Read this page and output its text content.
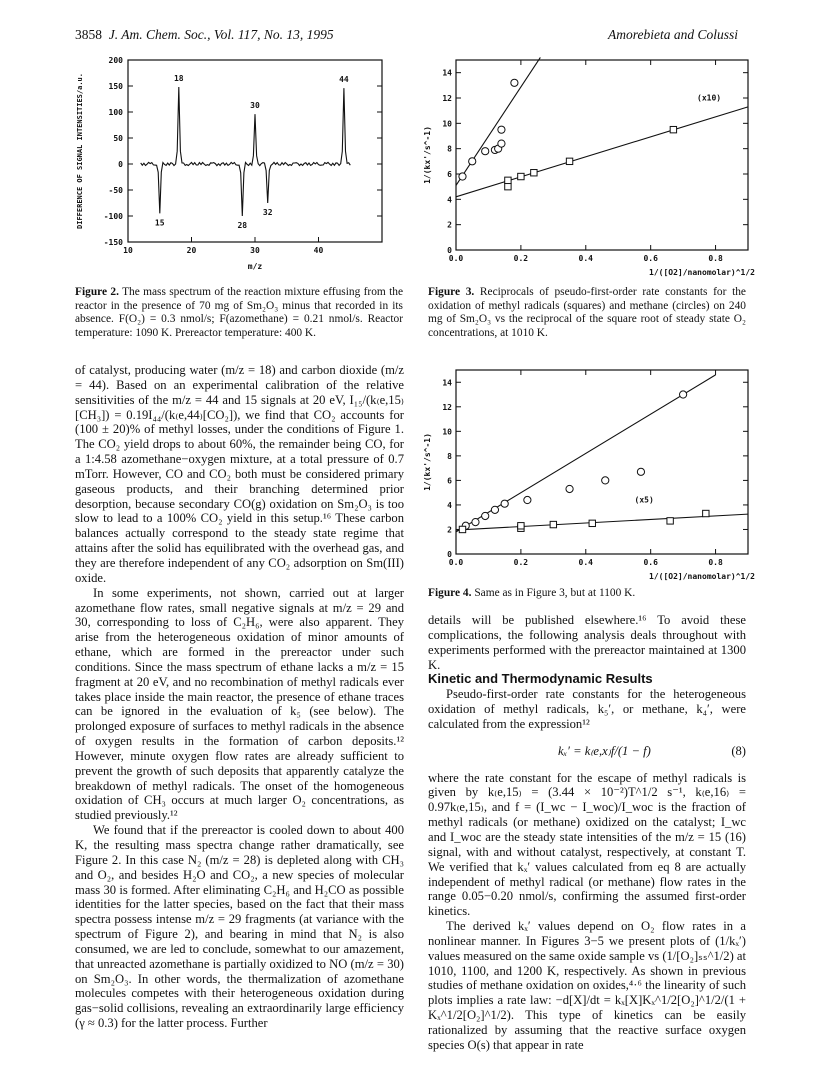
3858 J. Am. Chem. Soc., Vol. 117, No. 13, 1995	Amorebieta and Colussi
200
150
100
50
0
-50
-100
-150
10	20	30	40
m/z
DIFFERENCE OF SIGNAL INTENSITIES/a.u.	15
18
28
30
32
44
Figure 2. The mass spectrum of the reaction mixture effusing from the reactor in the presence of 70 mg of Sm₂O₃ minus that recorded in its absence. F(O₂) = 0.3 nmol/s; F(azomethane) = 0.21 nmol/s. Reactor temperature: 1090 K. Prereactor temperature: 400 K.
0
2
4
6
8
10
12
14
0.0	0.2	0.4	0.6	0.8
1/([O2]/nanomolar)^1/2
1/(kx'/s^-1)
(x10)
Figure 3. Reciprocals of pseudo-first-order rate constants for the oxidation of methyl radicals (squares) and methane (circles) on 240 mg of Sm₂O₃ vs the reciprocal of the square root of steady state O₂ concentrations, at 1010 K.
0
2
4
6
8
10
12
14
0.0	0.2	0.4	0.6	0.8
1/([O2]/nanomolar)^1/2
1/(kx'/s^-1)
(x5)
Figure 4. Same as in Figure 3, but at 1100 K.

of catalyst, producing water (m/z = 18) and carbon dioxide (m/z = 44). Based on an experimental calibration of the relative sensitivities of the m/z = 44 and 15 signals at 20 eV, I₁₅/(k₍e,15₎[CH₃]) = 0.19I₄₄/(k₍e,44₎[CO₂]), we find that CO₂ accounts for (100 ± 20)% of methyl losses, under the conditions of Figure 1. The CO₂ yield drops to about 60%, the remainder being CO, for a 1:4.58 azomethane−oxygen mixture, at a total pressure of 0.7 mTorr. However, CO and CO₂ both must be considered primary gaseous products, and their branching determined prior desorption, because secondary CO(g) oxidation on Sm₂O₃ is too slow to lead to a 100% CO₂ yield in this setup.¹⁶ These carbon balances actually correspond to the steady state regime that attains after the solid has equilibrated with the overhead gas, and they are therefore independent of any CO₂ adsorption on Sm(III) oxide.

In some experiments, not shown, carried out at larger azomethane flow rates, small negative signals at m/z = 29 and 30, corresponding to loss of C₂H₆, were also apparent. They arise from the heterogeneous oxidation of minor amounts of ethane, which are formed in the prereactor under such conditions. Since the mass spectrum of ethane lacks a m/z = 15 fragment at 20 eV, and no recombination of methyl radicals ever takes place inside the main reactor, the presence of ethane traces can be ignored in the evaluation of k₅ (see below). The prolonged exposure of surfaces to methyl radicals in the absence of oxygen results in the formation of carbon deposits.¹² However, minute oxygen flow rates are already sufficient to prevent the growth of such deposits that apparently catalyze the breakdown of methyl radicals. The onset of the homogeneous oxidation of CH₃ occurs at much larger O₂ concentrations, as studied previously.¹²

We found that if the prereactor is cooled down to about 400 K, the resulting mass spectra change rather dramatically, see Figure 2. In this case N₂ (m/z = 28) is depleted along with CH₃ and O₂, and besides H₂O and CO₂, a new species of molecular mass 30 is formed. After eliminating C₂H₆ and H₂CO as possible identities for the latter species, based on the fact that their mass spectra possess intense m/z = 29 fragments (at variance with the spectrum of Figure 2), and bearing in mind that N₂ is also consumed, we are led to conclude, somewhat to our amazement, that unreacted azomethane is partially oxidized to NO (m/z = 30) on Sm₂O₃. In other words, the thermalization of azomethane molecules competes with their heterogeneous oxidation during gas−solid collisions, revealing an extraordinarily large efficiency (γ ≈ 0.3) for the latter process. Further

details will be published elsewhere.¹⁶ To avoid these complications, the following analysis deals throughout with experiments performed with the prereactor maintained at 1300 K.

Kinetic and Thermodynamic Results

Pseudo-first-order rate constants for the heterogeneous oxidation of methyl radicals, k₅′, or methane, k₄′, were calculated from the expression¹²

kₓ′ = k₍e,x₎f/(1 − f)	(8)

where the rate constant for the escape of methyl radicals is given by k₍e,15₎ = (3.44 × 10⁻²)T^1/2 s⁻¹, k₍e,16₎ = 0.97k₍e,15₎, and f = (I_wc − I_woc)/I_woc is the fraction of methyl radicals (or methane) oxidized on the catalyst; I_wc and I_woc are the steady state intensities of the m/z = 15 (16) signal, with and without catalyst, respectively, at constant T. We verified that kₓ′ values calculated from eq 8 are actually independent of methyl radical (or methane) flow rates in the range 0.05−0.20 nmol/s, confirming the assumed first-order kinetics.

The derived kₓ′ values depend on O₂ flow rates in a nonlinear manner. In Figures 3−5 we present plots of (1/kₓ′) values measured on the same oxide sample vs (1/[O₂]ₛₛ^1/2) at 1010, 1100, and 1200 K, respectively. As shown in previous studies of methane oxidation on oxides,⁴·⁶ the linearity of such plots implies a rate law: −d[X]/dt = kₓ[X]Kₓ^1/2[O₂]^1/2/(1 + Kₓ^1/2[O₂]^1/2). This type of kinetics can be easily rationalized by assuming that the reactive surface oxygen species O(s) that appear in rate
